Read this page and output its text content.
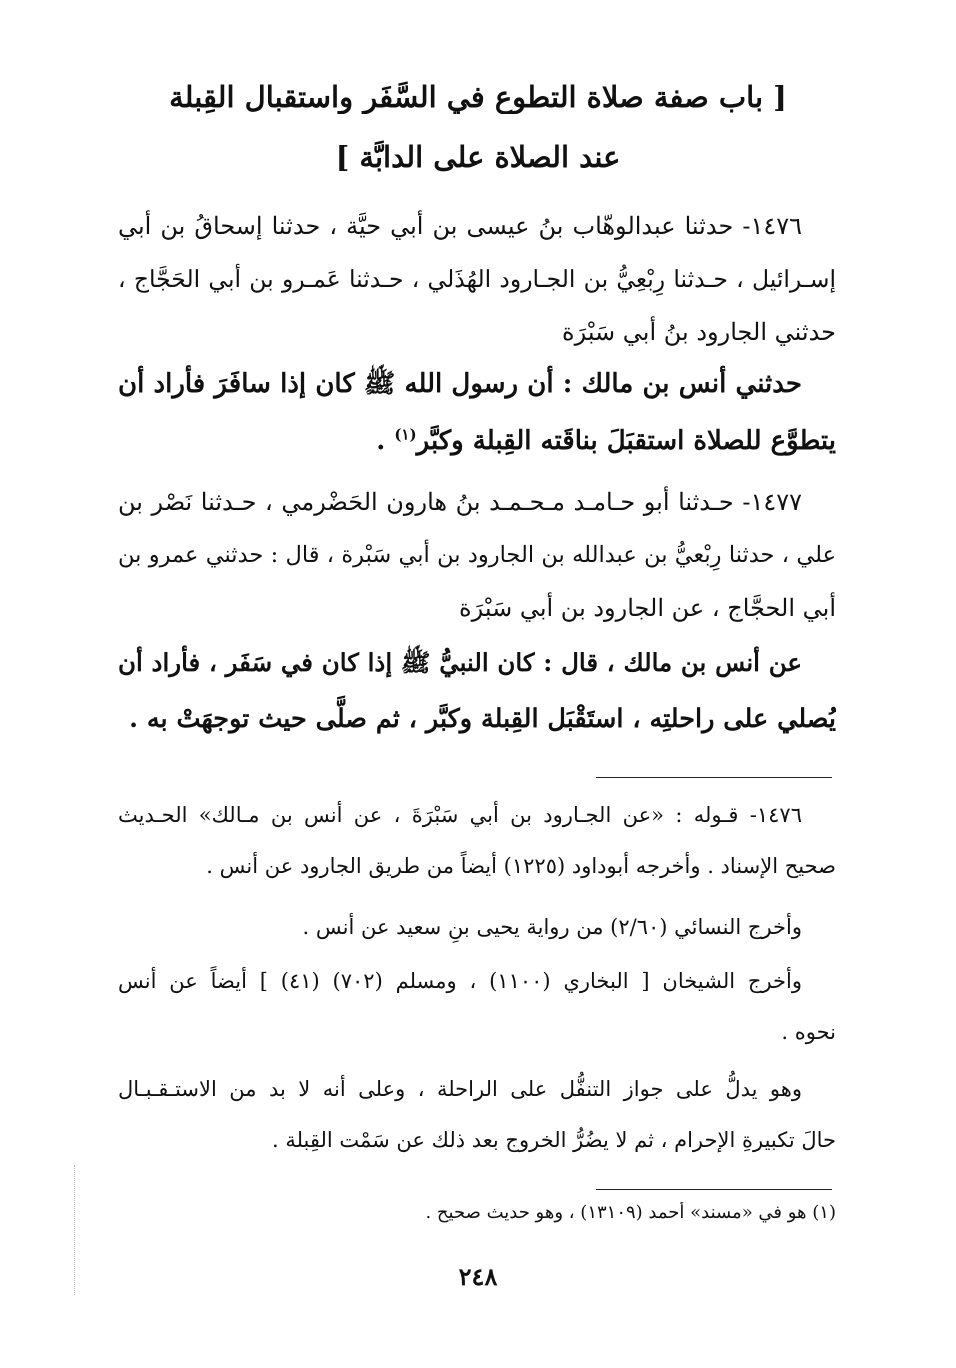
[ باب صفة صلاة التطوع في السَّفَر واستقبال القِبلة
عند الصلاة على الدابَّة ]
١٤٧٦- حدثنا عبدالوهّاب بنُ عيسى بن أبي حيَّة ، حدثنا إسحاقُ بن أبي
إسـرائيل ، حـدثنا رِبْعِيُّ بن الجـارود الهُذَلي ، حـدثنا عَمـرو بن أبي الحَجَّاج ،
حدثني الجارود بنُ أبي سَبْرَة
حدثني أنس بن مالك : أن رسول الله ﷺ كان إذا سافَرَ فأراد أن
يتطوَّع للصلاة استقبَلَ بناقَته القِبلة وكبَّر$^{(١)}$ .
١٤٧٧- حـدثنا أبو حـامـد مـحـمـد بنُ هارون الحَضْرمي ، حـدثنا نَصْر بن
علي ، حدثنا رِبْعيُّ بن عبدالله بن الجارود بن أبي سَبْرة ، قال : حدثني عمرو بن
أبي الحجَّاج ، عن الجارود بن أبي سَبْرَة
عن أنس بن مالك ، قال : كان النبيُّ ﷺ إذا كان في سَفَر ، فأراد أن
يُصلي على راحلتِه ، استَقْبَل القِبلة وكبَّر ، ثم صلَّى حيث توجهَتْ به .
١٤٧٦- قـوله : «عن الجـارود بن أبي سَبْرَةَ ، عن أنس بن مـالك» الحـديث
صحيح الإسناد . وأخرجه أبوداود (١٢٢٥) أيضاً من طريق الجارود عن أنس .
وأخرج النسائي (٢/٦٠) من رواية يحيى بنِ سعيد عن أنس .
وأخرج الشيخان [ البخاري (١١٠٠) ، ومسلم (٧٠٢) (٤١) ] أيضاً عن أنس
نحوه .
وهو يدلُّ على جواز التنفُّل على الراحلة ، وعلى أنه لا بد من الاستـقـبـال
حالَ تكبيرةِ الإحرام ، ثم لا يضُرُّ الخروج بعد ذلك عن سَمْت القِبلة .
(١) هو في «مسند» أحمد (١٣١٠٩) ، وهو حديث صحيح .
٢٤٨
